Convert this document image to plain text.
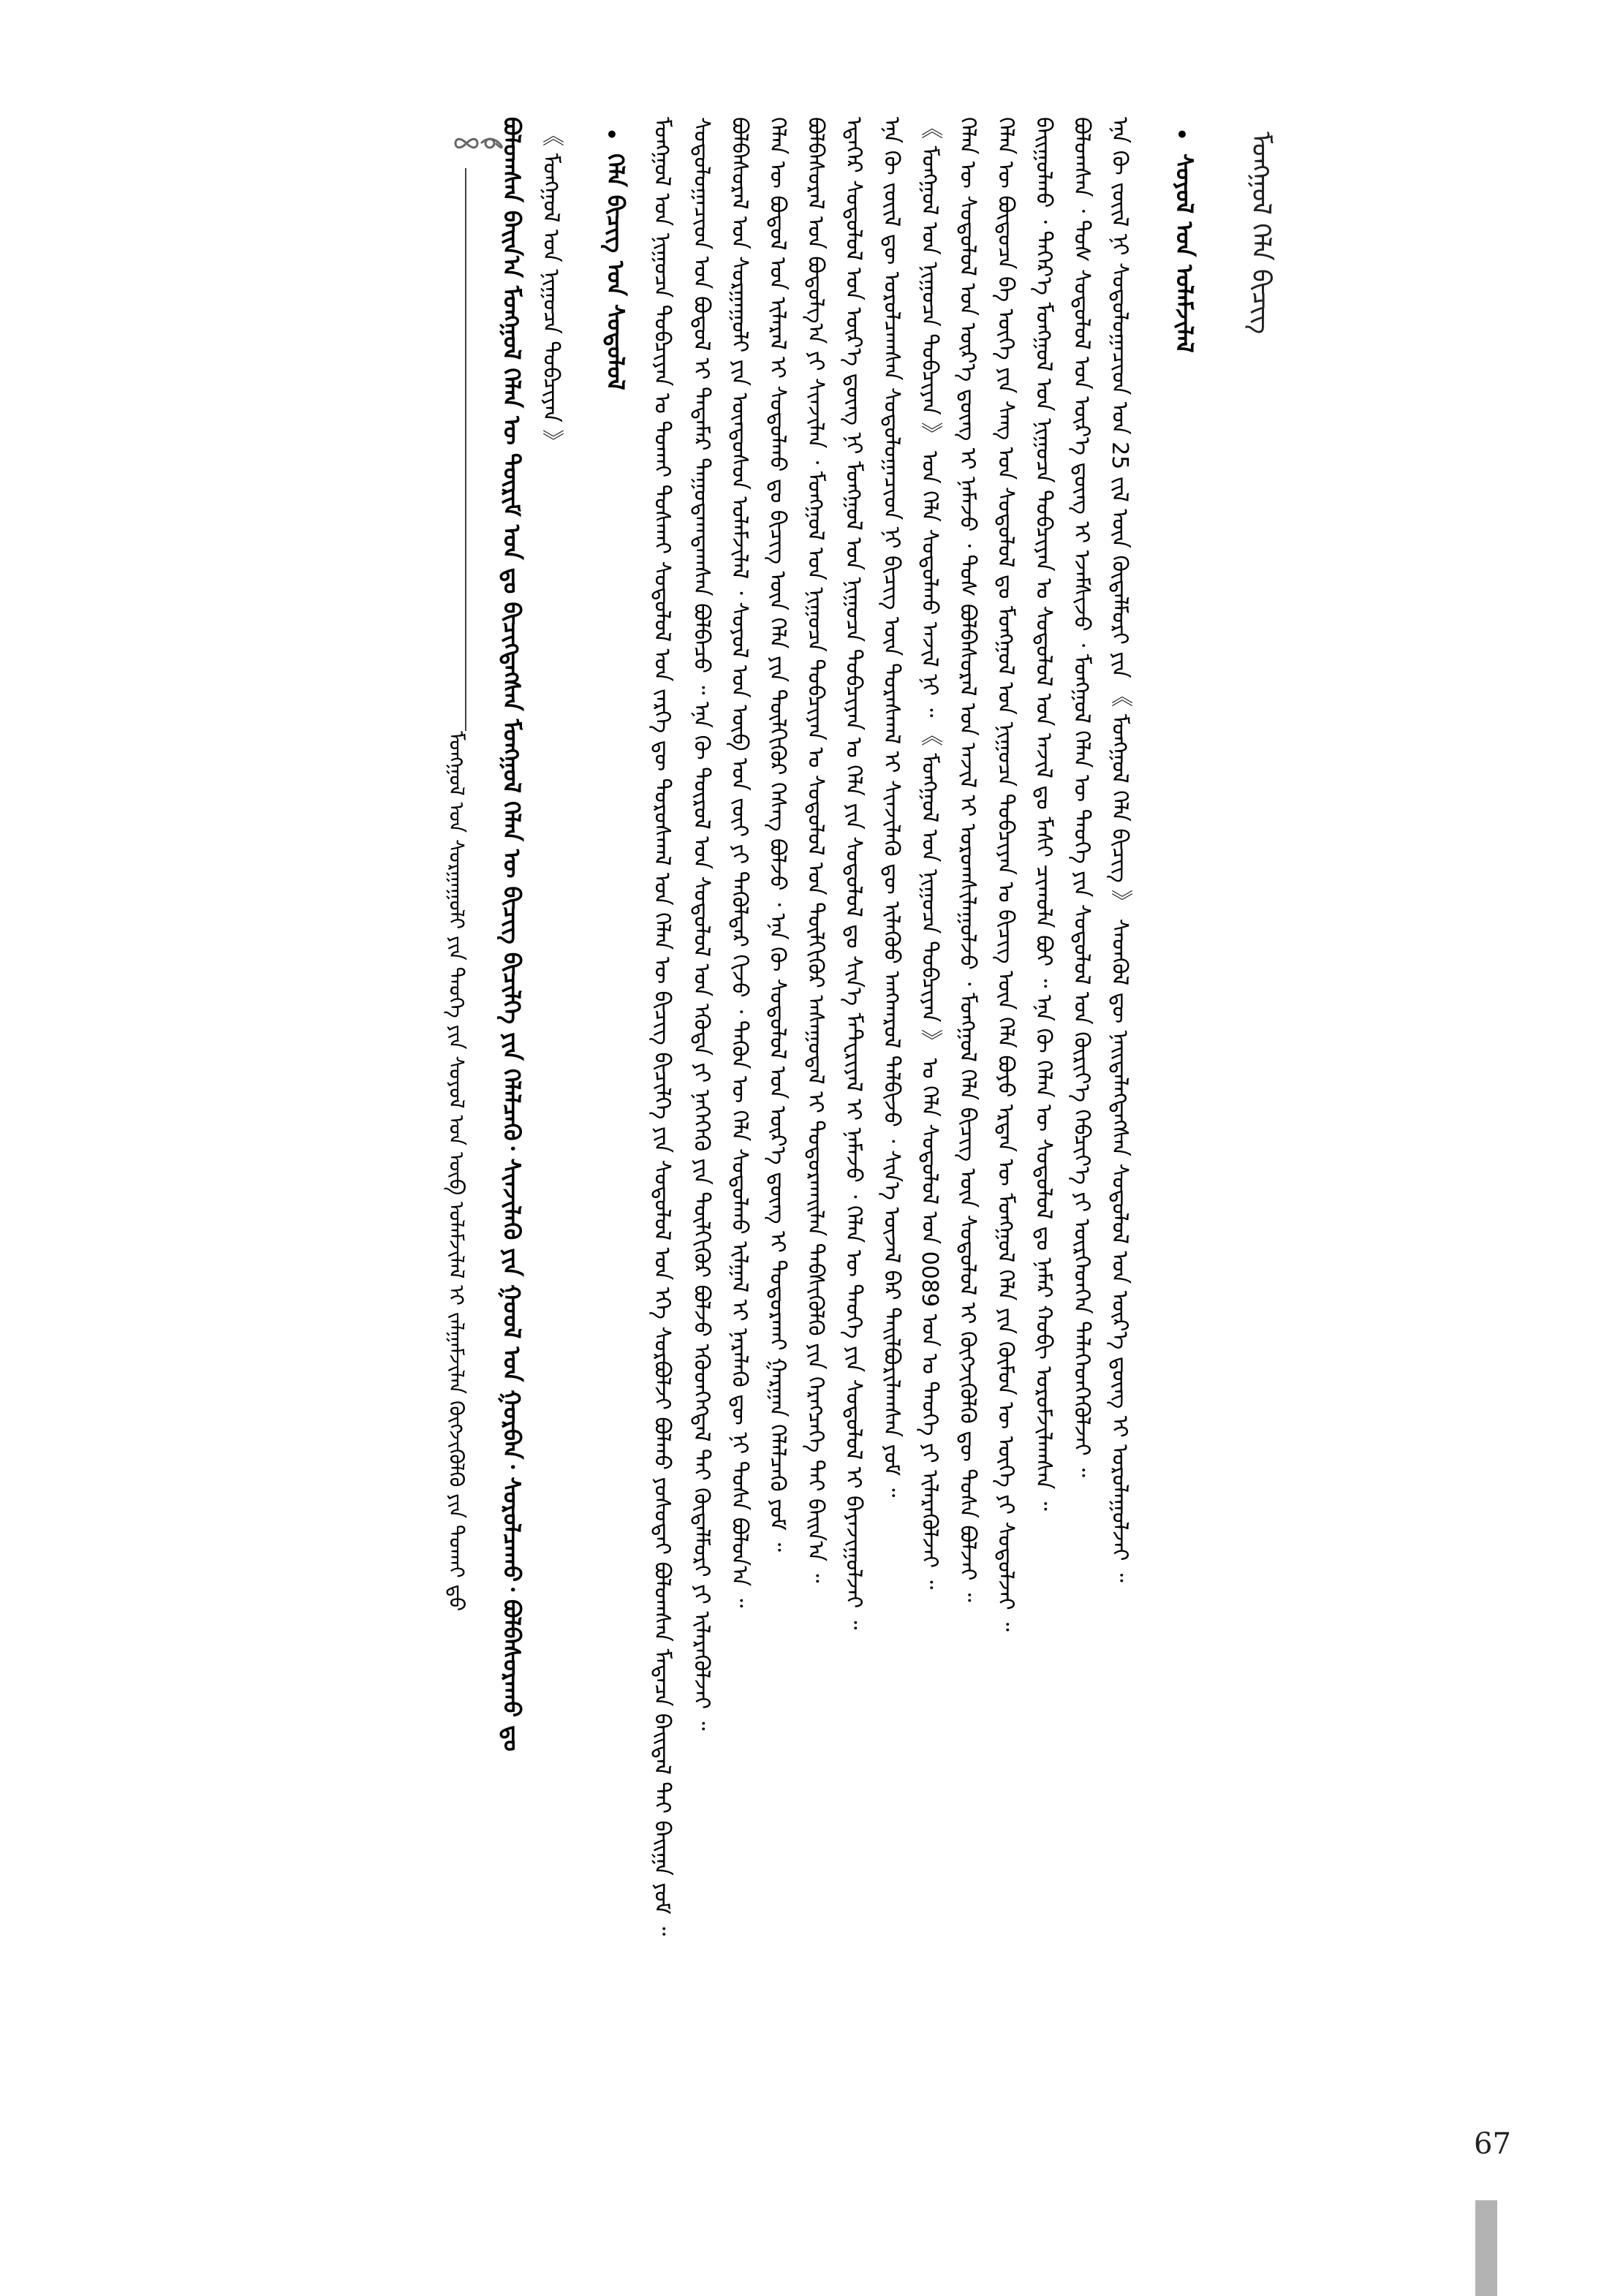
ᠮᠣᠩᠭᠤᠯ ᠤᠨ ᠰᠤᠷᠭᠠᠭᠤᠯᠢ ᠶᠢᠨ ᠲᠡᠦᠬᠡ ᠶᠢᠨ ᠰᠣᠶᠣᠯ ᠤᠨ ᠦᠪ ᠤᠯᠠᠮᠵᠢᠯᠠᠯ ᠢ ᠵᠠᠯᠭᠠᠮᠵᠢᠯᠠᠨ ᠬᠥᠭᠵᠢᠭᠦᠯᠬᠦ ᠶᠢᠨ ᠲᠤᠬᠠᠢ ᠳ᠋ᠤ ᠪᠣᠯᠣᠭᠰᠠᠨ ᠪᠠᠢᠨ᠎ᠠ ᠮᠣᠩᠭᠤᠯ ᠬᠡᠯᠡᠨ ᠦ ᠳᠦᠷᠢᠮ ᠤᠨ ᠳᠤ ᠪᠢᠴᠢᠭᠳᠡᠭᠰᠡᠨ ᠮᠣᠩᠭᠤᠯ ᠬᠡᠯᠡᠨ ᠦ ᠪᠢᠴᠢᠭ ᠪᠢᠴᠢᠯᠭᠡ ᠶᠢᠨ ᠬᠡᠯᠡᠯᠴᠡᠬᠦ᠂ ᠰᠢᠨᠵᠢᠯᠡᠬᠦ ᠶᠢᠨ ᠭᠣᠤᠯ ᠤᠨ ᠭᠤᠷᠪᠠᠨ᠂ ᠰᠤᠷᠤᠯᠴᠠᠬᠤ᠂ ᠪᠣᠯᠪᠠᠰᠤᠷᠠᠬᠤ ᠳᠤ 《 ᠮᠣᠩᠭᠤᠯ ᠤᠨ ᠨᠢᠭᠤᠴᠠ ᠲᠣᠪᠴᠢᠶᠠᠨ 》 •
ᠬᠡᠯᠡ ᠪᠢᠴᠢᠭ ᠤᠨ ᠰᠤᠳᠤᠯᠤᠯ ᠮᠣᠩᠭᠤᠯ ᠤᠨ ᠨᠢᠭᠤᠴᠠ ᠲᠣᠪᠴᠢᠶᠠᠨ ᠤ ᠲᠤᠬᠠᠢ ᠲᠤᠰᠬᠠᠢ ᠰᠤᠳᠤᠯᠤᠯ ᠤᠨ ᠵᠡᠷᠭᠡ ᠳᠦ ᠳᠤᠷᠤᠰᠬᠠᠯ ᠤᠨ ᠬᠡᠯᠡᠨ ᠦ ᠪᠢᠴᠢᠭ ᠪᠢᠴᠢᠯᠭᠡ ᠶᠢᠨ ᠰᠤᠳᠤᠯᠤᠯ ᠤᠨ ᠡᠬᠡ ᠰᠤᠷᠪᠤᠯᠵᠢ ᠪᠣᠯᠬᠤ ᠶᠣᠰᠣᠲᠠᠢ ᠪᠣᠯᠤᠭᠰᠠᠨ ᠮᠡᠳᠡᠴᠡ ᠪᠠᠢᠳᠠᠯ ᠲᠠᠢ ᠪᠠᠢᠭᠠ ᠶᠤᠮ ᠃ ᠰᠤᠳᠤᠯᠤᠭᠠᠴᠢᠳ ᠤᠨ ᠪᠣᠳᠣᠯ ᠢ ᠲᠠᠲᠠᠮᠠᠷ ᠳᠠᠭᠤᠳᠠᠭᠳᠠᠭᠰᠠᠨ ᠪᠣᠯᠪᠠᠴᠤ ᠃ ᠡᠨᠡ ᠬᠦ ᠲᠥᠷᠥᠯ ᠤᠨ ᠰᠤᠳᠤᠯᠤᠯ ᠤᠨ ᠡᠭᠦᠳᠡ ᠶᠢ ᠨᠡᠭᠡᠭᠡᠬᠦ ᠶᠢᠨ ᠲᠦᠯᠬᠢᠭᠦᠷ ᠪᠣᠯᠵᠤ ᠡᠭᠦᠳᠬᠡᠭᠳᠡᠯ ᠲᠠᠢ ᠬᠦᠳᠡᠯᠮᠦᠷᠢ ᠶᠢ ᠢᠯᠡᠷᠡᠭᠦᠯᠵᠡᠢ ᠃ ᠪᠣᠯᠪᠠᠰᠤᠷᠠᠯ ᠤᠨ ᠰᠤᠷᠭᠠᠭᠤᠯᠢ ᠶᠢᠨ ᠦᠨᠳᠦᠰᠦᠨ ᠤᠯᠠᠮᠵᠢᠯᠠᠯ ᠂ ᠰᠣᠶᠣᠯ ᠤᠨ ᠦᠪ ᠤᠨ ᠵᠦᠢ ᠶᠢ ᠲᠡᠭᠦᠯᠳᠡᠷ ᠬᠢᠵᠦ ᠂ ᠲᠡᠭᠦᠨ ᠦ ᠬᠡᠯᠡ ᠰᠤᠳᠤᠯᠬᠤ ᠢᠯᠭᠠᠯ ᠢ ᠨᠡᠷᠡᠯᠡᠬᠦ ᠳᠦ ᠨᠢ ᠲᠤᠰᠠ ᠪᠣᠯᠣᠨ᠎ᠠ ᠃ ᠬᠡᠯᠡᠨ ᠦ ᠪᠣᠳᠣᠯ ᠤᠨ ᠢᠯᠡᠷᠡᠯ ᠢ ᠰᠤᠳᠤᠯᠬᠤ ᠳᠤ ᠪᠢᠴᠢᠭ ᠦᠨ ᠬᠡᠯᠡ ᠶᠢᠨ ᠲᠦᠯᠬᠢᠭᠦᠷ ᠬᠡᠰᠡᠭ ᠪᠣᠯᠵᠤ ᠂ ᠡᠨᠡ ᠬᠦ ᠰᠤᠳᠤᠯᠤᠯ ᠤᠨ ᠦᠷ᠎ᠡ ᠳ᠋ᠦᠩ ᠢ ᠲᠣᠳᠣᠷᠬᠠᠢ ᠭᠠᠷᠭᠠᠨ ᠬᠡᠯᠡᠯᠴᠡᠬᠦ ᠶᠤᠮ ᠃ ᠪᠣᠯᠪᠠᠰᠤᠷᠠᠯ ᠤᠨ ᠪᠣᠳᠣᠯᠭ᠎ᠠ ᠶᠢ ᠰᠢᠨᠵᠢᠯᠡᠨ ᠂ ᠮᠣᠩᠭᠤᠯ ᠤᠨ ᠨᠢᠭᠤᠴᠠ ᠲᠣᠪᠴᠢᠶᠠᠨ ᠤ ᠰᠤᠳᠤᠯᠤᠯ ᠤᠨ ᠲᠦᠯᠬᠢᠭᠦᠷ ᠠᠰᠠᠭᠤᠳᠠᠯ ᠢ ᠲᠣᠳᠣᠷᠬᠠᠢᠯᠠᠨ ᠳᠡᠪᠰᠢᠭᠦᠯᠬᠦ ᠶᠢᠨ ᠬᠡᠷᠡᠭᠴᠡᠭᠡ ᠲᠠᠢ ᠪᠠᠢᠨ᠎ᠠ ᠃ ᠡᠳᠡᠭᠡᠷ ᠰᠤᠳᠤᠯᠤᠯ ᠤᠨ ᠦᠷ᠎ᠡ ᠳ᠋ᠦᠩ ᠨᠢ ᠮᠣᠩᠭᠤᠯ ᠤᠨ ᠨᠢᠭᠤᠴᠠ ᠲᠣᠪᠴᠢᠶᠠᠨ ᠤ ᠬᠡᠯᠡ ᠶᠢᠨ ᠰᠤᠳᠤᠯᠤᠯ ᠳᠤ ᠰᠢᠨ᠎ᠡ ᠮᠠᠲ᠋ᠸᠷᠢᠶᠠᠯ ᠢ ᠨᠡᠮᠡᠵᠦ ᠂ ᠬᠡᠯᠡᠨ ᠦ ᠲᠡᠦᠬᠡ ᠶᠢᠨ ᠰᠤᠳᠤᠯᠤᠯ ᠢ ᠪᠠᠶᠠᠵᠢᠭᠤᠯᠵᠠᠢ ᠃ ᠡᠨᠡ ᠬᠦ ᠵᠦᠢᠯ ᠳᠦ ᠣᠷᠣᠯᠴᠠᠭᠰᠠᠨ ᠰᠤᠳᠤᠯᠤᠭᠠᠴᠢᠳ ᠨᠢ ᠪᠢᠴᠢᠭ ᠦᠨ ᠳᠤᠷᠠᠰᠬᠠᠯ ᠢ ᠰᠢᠨᠵᠢᠯᠡᠬᠦ ᠳᠦ ᠢᠯᠡᠭᠦᠦ ᠠᠩᠬᠠᠷᠤᠯ ᠲᠠᠯᠪᠢᠵᠤ ᠂ ᠰᠢᠨ᠎ᠡ ᠦᠵᠡᠯ ᠪᠠᠷ ᠲᠠᠢᠯᠪᠤᠷᠢᠯᠠᠭᠰᠠᠨ ᠶᠤᠮ ᠃ 《 ᠮᠣᠩᠭᠤᠯ ᠤᠨ ᠨᠢᠭᠤᠴᠠ ᠲᠣᠪᠴᠢᠶᠠᠨ 》 ᠤᠨ ᠬᠡᠯᠡ ᠰᠤᠳᠤᠯᠬᠤ ᠠᠵᠢᠯ ᠨᠢ ᠃ 《 ᠮᠣᠩᠭᠤᠯ ᠤᠨ ᠨᠢᠭᠤᠴᠠ ᠲᠣᠪᠴᠢᠶᠠᠨ 》 ᠤ ᠬᠡᠯᠡ ᠰᠤᠳᠤᠯᠤᠯ ᠤᠨ 0089 ᠣᠨ ᠤ ᠲᠡᠦᠬᠡ ᠶᠢ ᠢᠯᠡᠷᠡᠭᠦᠯᠵᠡᠢ ᠃ ᠬᠡᠯᠡᠨ ᠦ ᠰᠤᠳᠤᠯᠤᠯ ᠤᠨ ᠦᠷ᠎ᠡ ᠳ᠋ᠦᠩ ᠢ ᠨᠡᠮᠡᠵᠦ ᠂ ᠲᠤᠰ ᠪᠣᠯᠪᠠᠰᠤᠷᠠᠯ ᠤᠨ ᠠᠵᠢᠯ ᠢ ᠤᠷᠤᠭᠰᠢᠯᠠᠭᠤᠯᠵᠤ ᠂ ᠮᠣᠩᠭᠤᠯ ᠬᠡᠯᠡ ᠪᠢᠴᠢᠭ ᠦᠨ ᠰᠤᠳᠤᠯᠤᠯ ᠢ ᠬᠥᠭᠵᠢᠭᠦᠯᠬᠦ ᠳᠦ ᠲᠤᠰᠠ ᠪᠣᠯᠵᠠᠢ ᠃ ᠬᠡᠯᠡᠨ ᠦ ᠪᠦᠲᠦᠴᠡ ᠪᠠ ᠦᠭᠡ ᠶᠢᠨ ᠰᠠᠩ ᠤᠨ ᠰᠤᠳᠤᠯᠤᠯ ᠳᠤ ᠮᠣᠩᠭᠤᠯ ᠤᠨ ᠨᠢᠭᠤᠴᠠ ᠲᠣᠪᠴᠢᠶᠠᠨ ᠤ ᠪᠢᠴᠢᠭ ᠦᠨ ᠬᠡᠯᠡ ᠪᠤᠶᠤ ᠡᠷᠲᠡᠨ ᠦ ᠮᠣᠩᠭᠤᠯ ᠬᠡᠯᠡ ᠶᠢᠨ ᠬᠦᠮᠦᠨ ᠦ ᠦᠭᠡ ᠶᠢ ᠰᠤᠳᠤᠯᠵᠠᠢ ᠃ ᠪᠠᠢᠭᠤᠯᠬᠤ ᠂ ᠳᠡᠭᠡᠷ᠎ᠡ ᠮᠣᠩᠭᠤᠯ ᠤᠨ ᠨᠢᠭᠤᠴᠠ ᠲᠣᠪᠴᠢᠶᠠᠨ ᠤ ᠰᠤᠳᠤᠯᠤᠯ ᠤᠨ ᠠᠵᠢᠯ ᠳᠤ ᠮᠠᠰᠢ ᠴᠢᠬᠤᠯᠠ ᠪᠤᠢ ᠃ ᠡᠨᠡ ᠬᠦ ᠬᠡᠯᠡᠨ ᠦ ᠰᠤᠳᠤᠯᠤᠯ ᠳᠤ ᠨᠡᠮᠡᠷ ᠬᠤᠪᠢ ᠤᠷᠤᠮᠵᠢᠯᠠᠭᠰᠠᠨ ᠃ ᠪᠣᠯᠣᠭᠰᠠᠨ ᠂ ᠲᠤᠰ ᠰᠤᠳᠤᠯᠤᠯ ᠤᠨ ᠦᠷ᠎ᠡ ᠳ᠋ᠦᠩ ᠢ ᠡᠵᠡᠮᠰᠢᠵᠦ ᠂ ᠮᠣᠩᠭᠤᠯ ᠬᠡᠯᠡᠨ ᠦ ᠲᠡᠦᠬᠡ ᠶᠢᠨ ᠰᠤᠳᠤᠯᠤᠯ ᠤᠨ ᠬᠦᠷᠢᠶ᠎ᠡ ᠬᠡᠪᠴᠢᠶ᠎ᠡ ᠶᠢ ᠥᠷᠭᠡᠳᠬᠡᠨ ᠲᠡᠯᠡᠬᠡᠳᠬᠡᠭᠦᠯᠵᠡᠢ ᠃ ᠡᠨᠡ ᠬᠦ ᠵᠦᠢᠯ ᠨᠢ ᠰᠤᠳᠤᠯᠤᠭᠠᠴᠢᠳ ᠤᠨ 25 ᠵᠢᠯ ᠦᠨ ᠬᠥᠳᠡᠯᠮᠦᠷᠢ ᠶᠢᠨ 《 ᠮᠣᠩᠭᠤᠯ ᠬᠡᠯᠡ ᠪᠢᠴᠢᠭ 》 ᠰᠡᠳᠭᠦᠯ ᠳᠦ ᠨᠡᠢᠲᠡᠯᠡᠭᠳᠡᠭᠰᠡᠨ ᠰᠤᠳᠤᠯᠤᠯ ᠤᠨ ᠦᠷ᠎ᠡ ᠳ᠋ᠦᠩ ᠢ ᠣᠷᠣᠯᠠᠭᠤᠯᠵᠠᠢ ᠃ •
ᠰᠣᠶᠣᠯ ᠤᠨ ᠤᠯᠠᠮᠵᠢᠯᠠᠯ ᠮᠣᠩᠭᠤᠯ ᠬᠡᠯᠡ ᠪᠢᠴᠢᠭ
67
